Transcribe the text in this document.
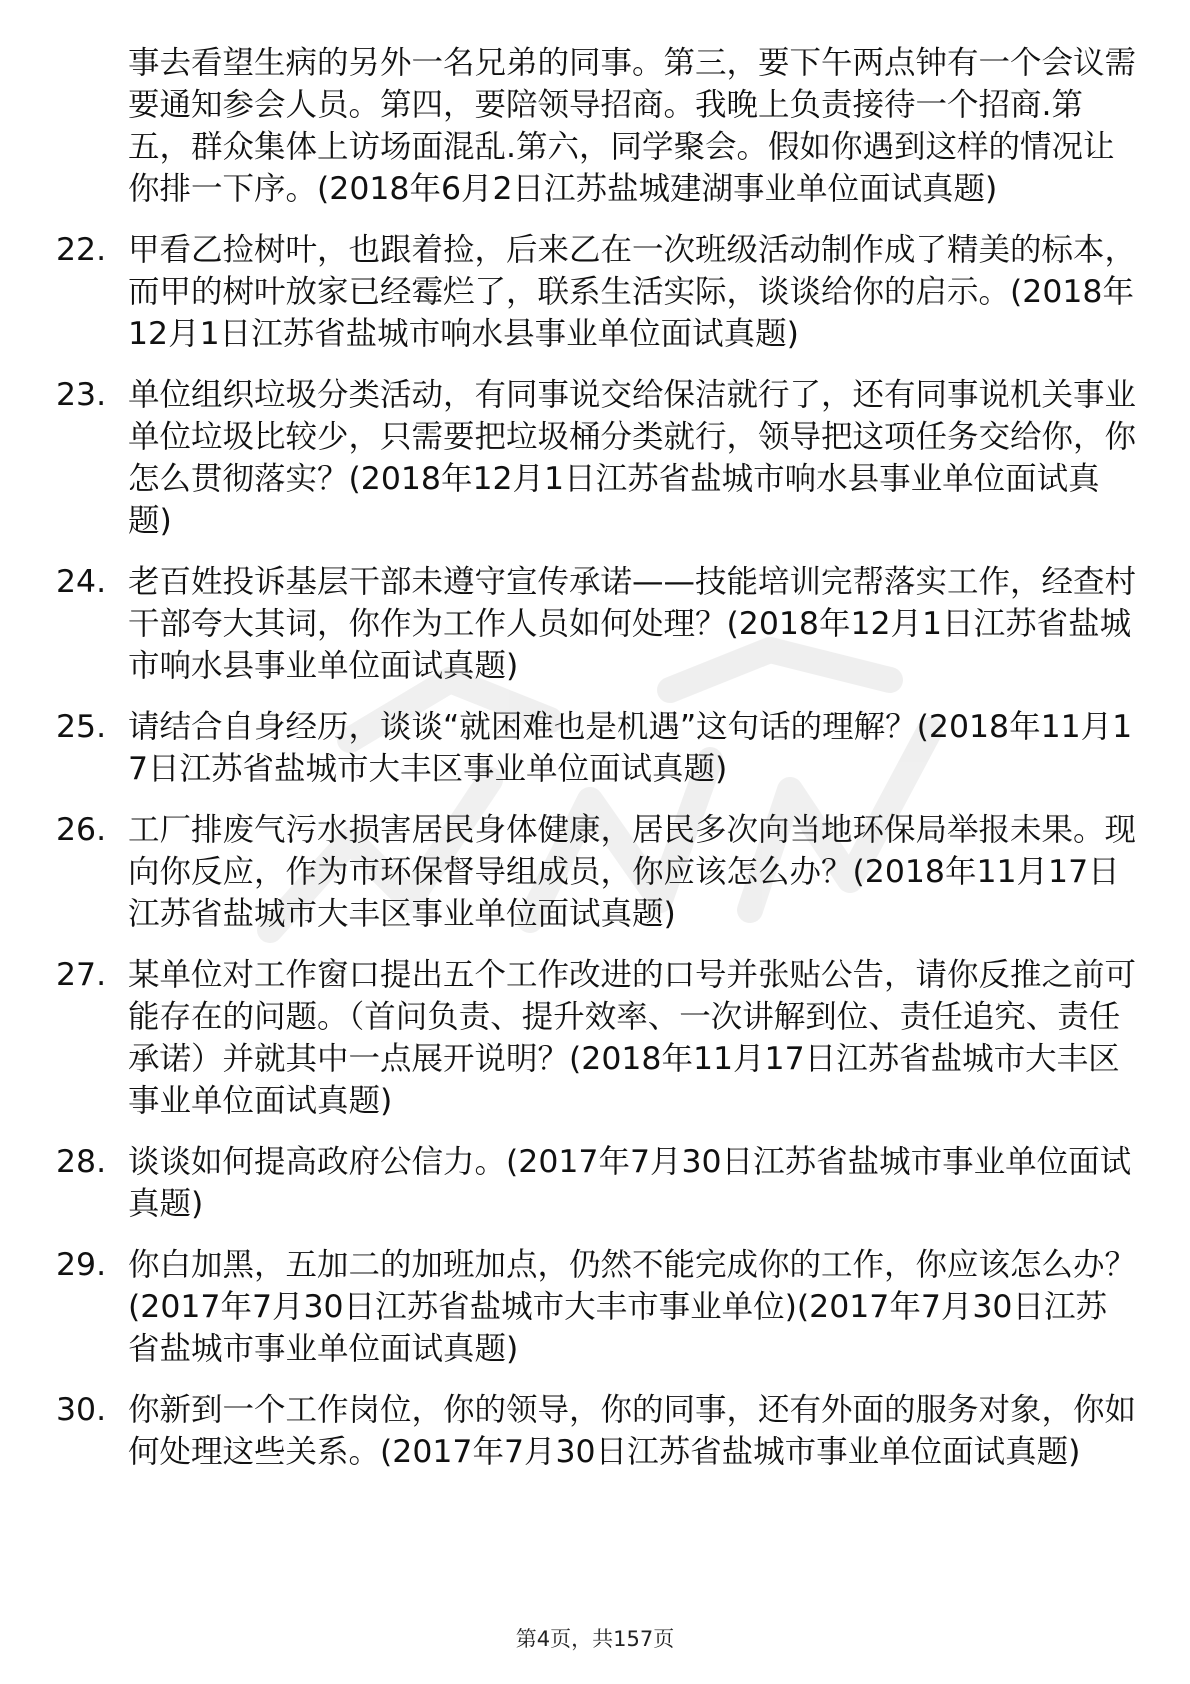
事去看望生病的另外一名兄弟的同事。第三，要下午两点钟有一个会议需要通知参会人员。第四，要陪领导招商。我晚上负责接待一个招商.第五，群众集体上访场面混乱.第六，同学聚会。假如你遇到这样的情况让你排一下序。(2018年6月2日江苏盐城建湖事业单位面试真题)
22. 甲看乙捡树叶，也跟着捡，后来乙在一次班级活动制作成了精美的标本，而甲的树叶放家已经霉烂了，联系生活实际，谈谈给你的启示。(2018年12月1日江苏省盐城市响水县事业单位面试真题)
23. 单位组织垃圾分类活动，有同事说交给保洁就行了，还有同事说机关事业单位垃圾比较少，只需要把垃圾桶分类就行，领导把这项任务交给你，你怎么贯彻落实？(2018年12月1日江苏省盐城市响水县事业单位面试真题)
24. 老百姓投诉基层干部未遵守宣传承诺——技能培训完帮落实工作，经查村干部夸大其词，你作为工作人员如何处理？(2018年12月1日江苏省盐城市响水县事业单位面试真题)
25. 请结合自身经历，谈谈“就困难也是机遇”这句话的理解？(2018年11月17日江苏省盐城市大丰区事业单位面试真题)
26. 工厂排废气污水损害居民身体健康，居民多次向当地环保局举报未果。现向你反应，作为市环保督导组成员，你应该怎么办？(2018年11月17日江苏省盐城市大丰区事业单位面试真题)
27. 某单位对工作窗口提出五个工作改进的口号并张贴公告，请你反推之前可能存在的问题。（首问负责、提升效率、一次讲解到位、责任追究、责任承诺）并就其中一点展开说明？(2018年11月17日江苏省盐城市大丰区事业单位面试真题)
28. 谈谈如何提高政府公信力。(2017年7月30日江苏省盐城市事业单位面试真题)
29. 你白加黑，五加二的加班加点，仍然不能完成你的工作，你应该怎么办？(2017年7月30日江苏省盐城市大丰市事业单位)(2017年7月30日江苏省盐城市事业单位面试真题)
30. 你新到一个工作岗位，你的领导，你的同事，还有外面的服务对象，你如何处理这些关系。(2017年7月30日江苏省盐城市事业单位面试真题)
第4页，共157页
